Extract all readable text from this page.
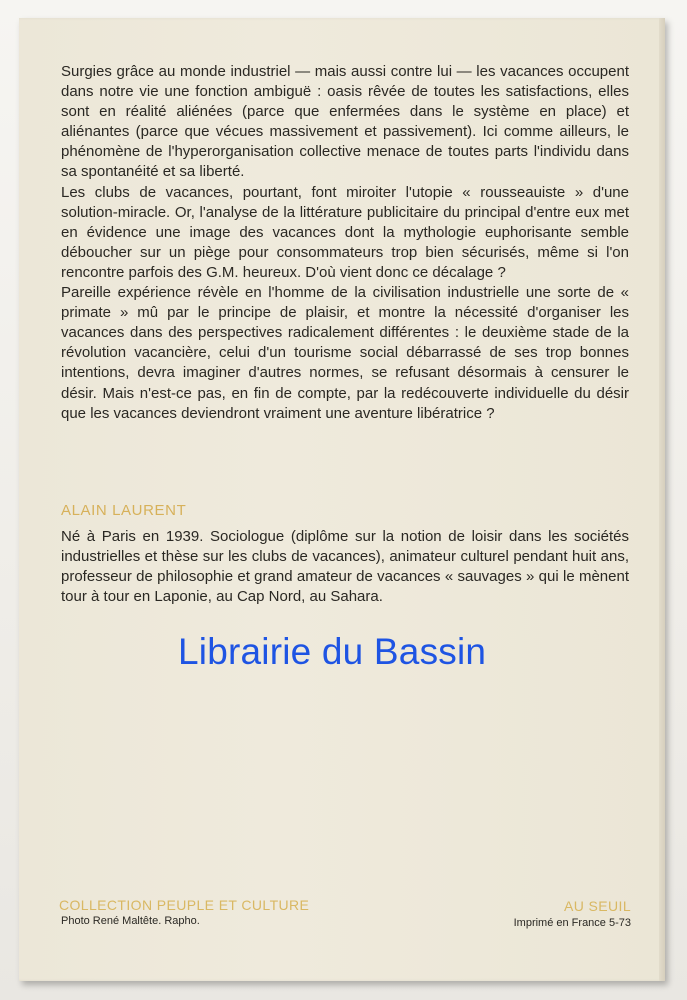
Surgies grâce au monde industriel — mais aussi contre lui — les vacances occupent dans notre vie une fonction ambiguë : oasis rêvée de toutes les satisfactions, elles sont en réalité aliénées (parce que enfermées dans le système en place) et aliénantes (parce que vécues massivement et passivement). Ici comme ailleurs, le phénomène de l'hyperorganisation collective menace de toutes parts l'individu dans sa spontanéité et sa liberté.

Les clubs de vacances, pourtant, font miroiter l'utopie « rousseauiste » d'une solution-miracle. Or, l'analyse de la littérature publicitaire du principal d'entre eux met en évidence une image des vacances dont la mythologie euphorisante semble déboucher sur un piège pour consommateurs trop bien sécurisés, même si l'on rencontre parfois des G.M. heureux. D'où vient donc ce décalage ?

Pareille expérience révèle en l'homme de la civilisation industrielle une sorte de « primate » mû par le principe de plaisir, et montre la nécessité d'organiser les vacances dans des perspectives radicalement différentes : le deuxième stade de la révolution vacancière, celui d'un tourisme social débarrassé de ses trop bonnes intentions, devra imaginer d'autres normes, se refusant désormais à censurer le désir. Mais n'est-ce pas, en fin de compte, par la redécouverte individuelle du désir que les vacances deviendront vraiment une aventure libératrice ?

ALAIN LAURENT
Né à Paris en 1939. Sociologue (diplôme sur la notion de loisir dans les sociétés industrielles et thèse sur les clubs de vacances), animateur culturel pendant huit ans, professeur de philosophie et grand amateur de vacances « sauvages » qui le mènent tour à tour en Laponie, au Cap Nord, au Sahara.
Librairie du Bassin
COLLECTION PEUPLE ET CULTURE
Photo René Maltête. Rapho.
AU SEUIL
Imprimé en France 5-73
